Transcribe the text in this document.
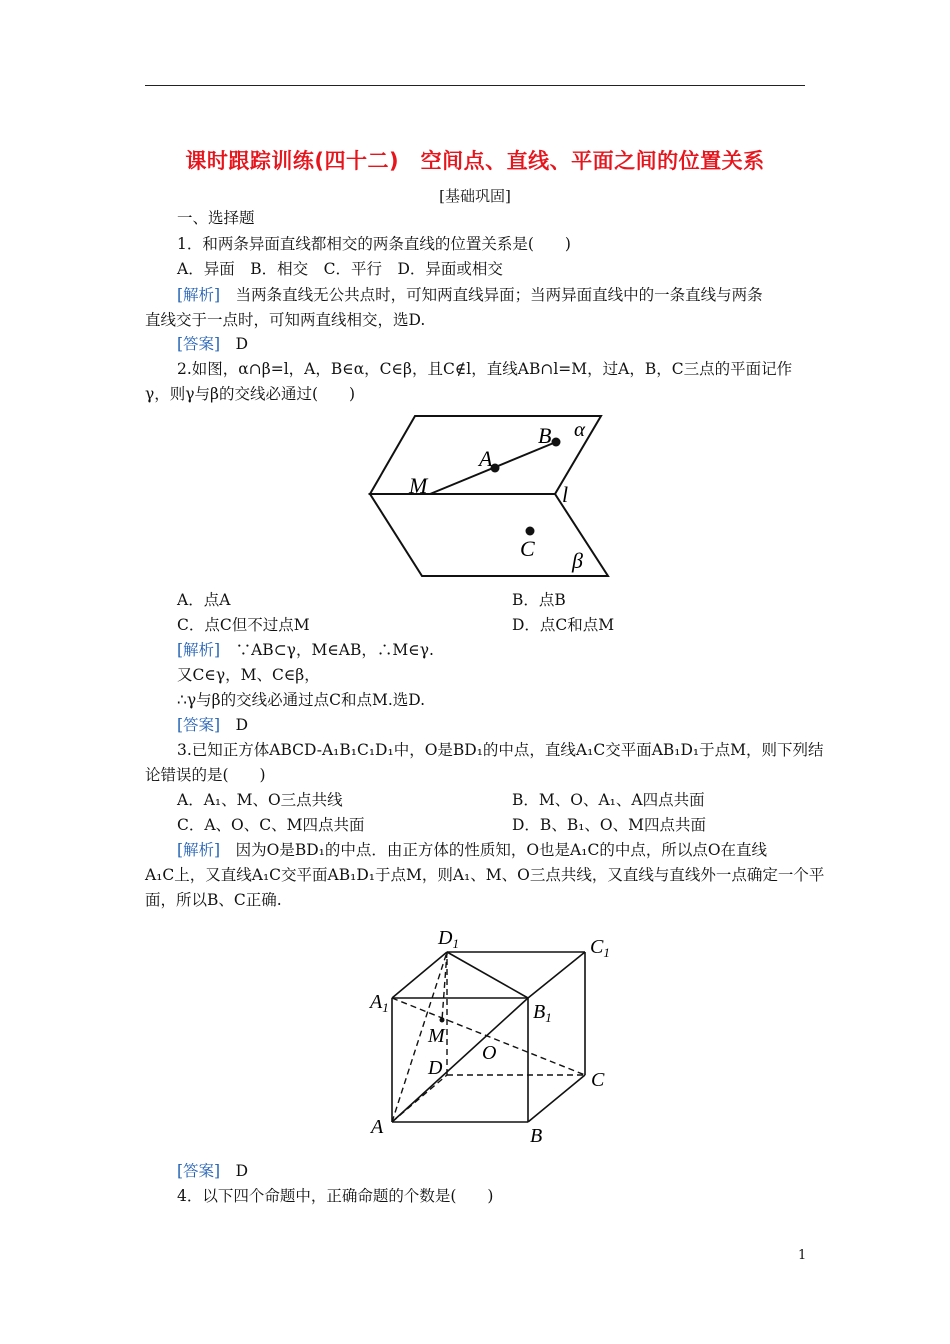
课时跟踪训练(四十二)　空间点、直线、平面之间的位置关系
[基础巩固]
一、选择题
1．和两条异面直线都相交的两条直线的位置关系是(　　)
A．异面　B．相交　C．平行　D．异面或相交
[解析]　当两条直线无公共点时，可知两直线异面；当两异面直线中的一条直线与两条
直线交于一点时，可知两直线相交，选D.
[答案]　D
2.如图，α∩β=l，A，B∈α，C∈β，且C∉l，直线AB∩l=M，过A，B，C三点的平面记作
γ，则γ与β的交线必通过(　　)
B α
A
M	l
C β
A．点A	B．点B
C．点C但不过点M	D．点C和点M
[解析]　∵AB⊂γ，M∈AB，∴M∈γ.
又C∈γ，M、C∈β，
∴γ与β的交线必通过点C和点M.选D.
[答案]　D
3.已知正方体ABCD-A₁B₁C₁D₁中，O是BD₁的中点，直线A₁C交平面AB₁D₁于点M，则下列结
论错误的是(　　)
A．A₁、M、O三点共线	B．M、O、A₁、A四点共面
C．A、O、C、M四点共面	D．B、B₁、O、M四点共面
[解析]　因为O是BD₁的中点．由正方体的性质知，O也是A₁C的中点，所以点O在直线
A₁C上，又直线A₁C交平面AB₁D₁于点M，则A₁、M、O三点共线，又直线与直线外一点确定一个平
面，所以B、C正确.
$D_1$	$C_1$
$A_1$	$B_1$
M
O
D
C
A	B
[答案]　D
4．以下四个命题中，正确命题的个数是(　　)
1
